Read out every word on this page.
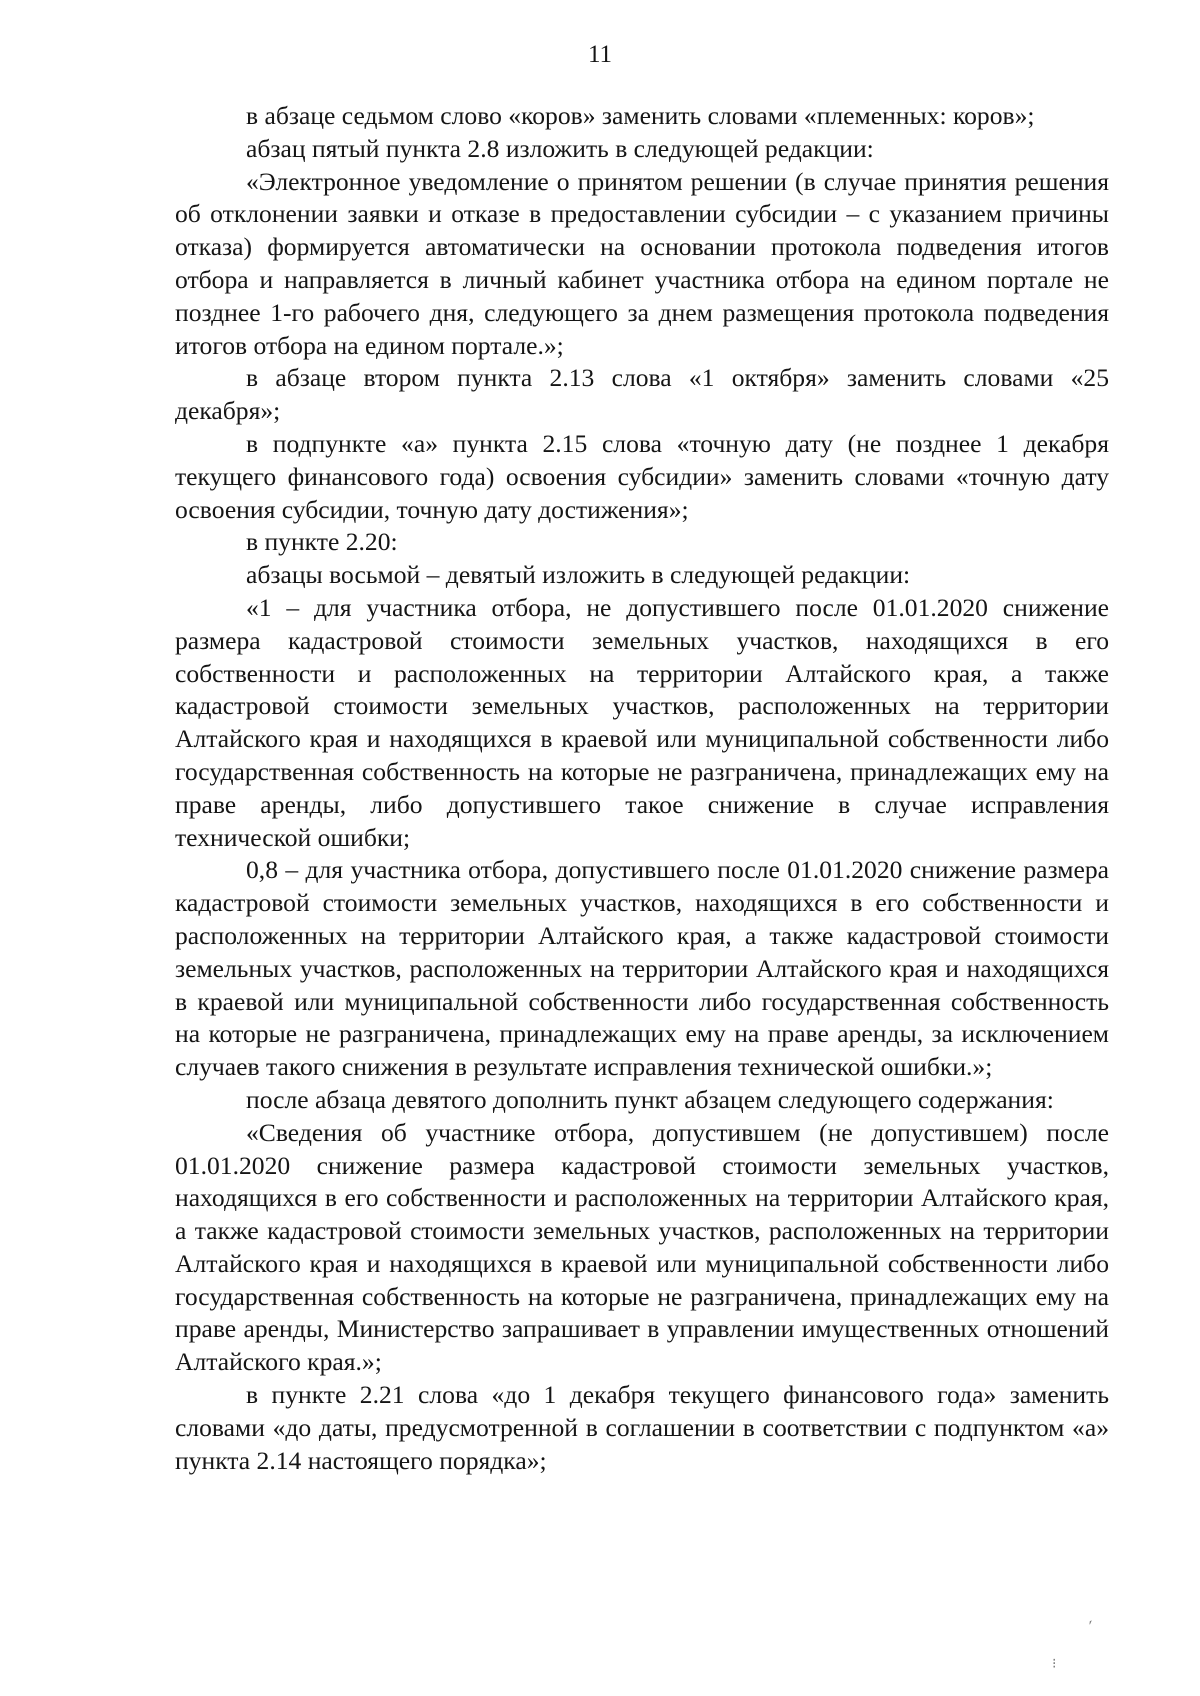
11

в абзаце седьмом слово «коров» заменить словами «племенных: коров»;

абзац пятый пункта 2.8 изложить в следующей редакции:

«Электронное уведомление о принятом решении (в случае принятия решения об отклонении заявки и отказе в предоставлении субсидии – с указанием причины отказа) формируется автоматически на основании протокола подведения итогов отбора и направляется в личный кабинет участника отбора на едином портале не позднее 1-го рабочего дня, следующего за днем размещения протокола подведения итогов отбора на едином портале.»;

в абзаце втором пункта 2.13 слова «1 октября» заменить словами «25 декабря»;

в подпункте «а» пункта 2.15 слова «точную дату (не позднее 1 декабря текущего финансового года) освоения субсидии» заменить словами «точную дату освоения субсидии, точную дату достижения»;

в пункте 2.20:

абзацы восьмой – девятый изложить в следующей редакции:

«1 – для участника отбора, не допустившего после 01.01.2020 снижение размера кадастровой стоимости земельных участков, находящихся в его собственности и расположенных на территории Алтайского края, а также кадастровой стоимости земельных участков, расположенных на территории Алтайского края и находящихся в краевой или муниципальной собственности либо государственная собственность на которые не разграничена, принадлежащих ему на праве аренды, либо допустившего такое снижение в случае исправления технической ошибки;

0,8 – для участника отбора, допустившего после 01.01.2020 снижение размера кадастровой стоимости земельных участков, находящихся в его собственности и расположенных на территории Алтайского края, а также кадастровой стоимости земельных участков, расположенных на территории Алтайского края и находящихся в краевой или муниципальной собственности либо государственная собственность на которые не разграничена, принадлежащих ему на праве аренды, за исключением случаев такого снижения в результате исправления технической ошибки.»;

после абзаца девятого дополнить пункт абзацем следующего содержания:

«Сведения об участнике отбора, допустившем (не допустившем) после 01.01.2020 снижение размера кадастровой стоимости земельных участков, находящихся в его собственности и расположенных на территории Алтайского края, а также кадастровой стоимости земельных участков, расположенных на территории Алтайского края и находящихся в краевой или муниципальной собственности либо государственная собственность на которые не разграничена, принадлежащих ему на праве аренды, Министерство запрашивает в управлении имущественных отношений Алтайского края.»;

в пункте 2.21 слова «до 1 декабря текущего финансового года» заменить словами «до даты, предусмотренной в соглашении в соответствии с подпунктом «а» пункта 2.14 настоящего порядка»;

ˊ
⁝
